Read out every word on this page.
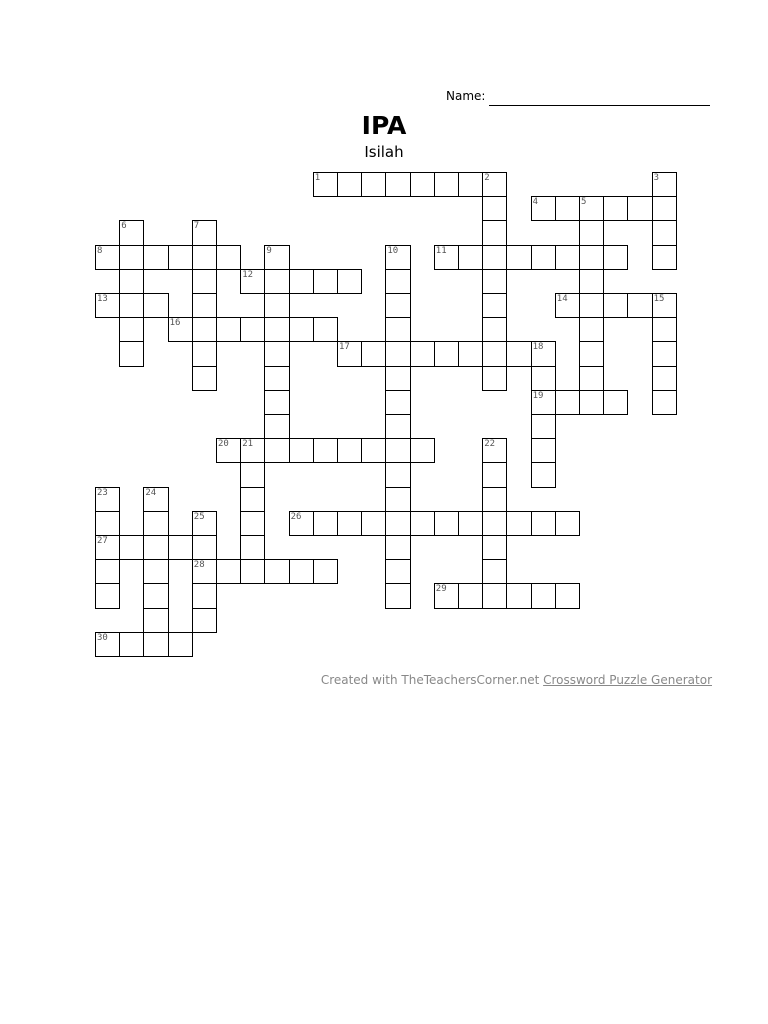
Name:
IPA
Isilah
1	2	3
4	5
6	7
8	9	10	11
12
13	14	15
16
17	18
19
20 21	22
23
27
24
25
28
26
29
30
Created with TheTeachersCorner.net Crossword Puzzle Generator
